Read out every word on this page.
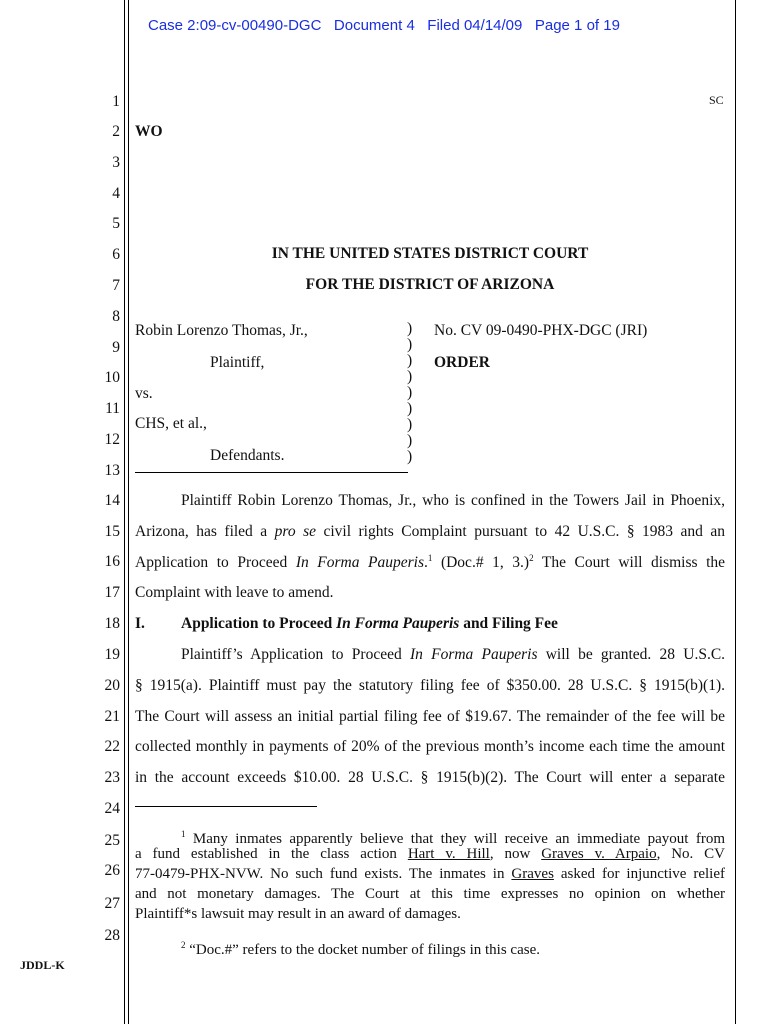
Case 2:09-cv-00490-DGC   Document 4   Filed 04/14/09   Page 1 of 19
1
2
3
4
5
6
7
8
9
10
11
12
13
14
15
16
17
18
19
20
21
22
23
24
25
26
27
28
SC
WO
IN THE UNITED STATES DISTRICT COURT
FOR THE DISTRICT OF ARIZONA
Robin Lorenzo Thomas, Jr.,
Plaintiff,
vs.
CHS, et al.,
Defendants.
)
)
)
)
)
)
)
)
)
No. CV 09-0490-PHX-DGC (JRI)
ORDER
Plaintiff Robin Lorenzo Thomas, Jr., who is confined in the Towers Jail in Phoenix,
Arizona, has filed a pro se civil rights Complaint pursuant to 42 U.S.C. § 1983 and an
Application to Proceed In Forma Pauperis.$^1$ (Doc.# 1, 3.)$^2$ The Court will dismiss the
Complaint with leave to amend.
I. Application to Proceed In Forma Pauperis and Filing Fee
Plaintiff’s Application to Proceed In Forma Pauperis will be granted. 28 U.S.C.
§ 1915(a). Plaintiff must pay the statutory filing fee of $350.00. 28 U.S.C. § 1915(b)(1).
The Court will assess an initial partial filing fee of $19.67. The remainder of the fee will be
collected monthly in payments of 20% of the previous month’s income each time the amount
in the account exceeds $10.00. 28 U.S.C. § 1915(b)(2). The Court will enter a separate
$^1$ Many inmates apparently believe that they will receive an immediate payout from
a fund established in the class action Hart v. Hill, now Graves v. Arpaio, No. CV
77-0479-PHX-NVW. No such fund exists. The inmates in Graves asked for injunctive relief
and not monetary damages. The Court at this time expresses no opinion on whether
Plaintiff*s lawsuit may result in an award of damages.
$^2$ “Doc.#” refers to the docket number of filings in this case.
JDDL-K
